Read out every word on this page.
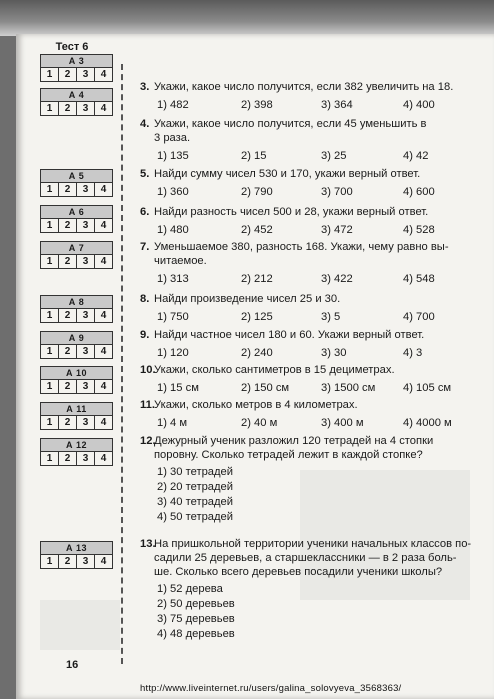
Тест 6
А 3
1	2	3	4
А 4
1	2	3	4
А 5
1	2	3	4
А 6
1	2	3	4
А 7
1	2	3	4
А 8
1	2	3	4
А 9
1	2	3	4
А 10
1	2	3	4
А 11
1	2	3	4
А 12
1	2	3	4
А 13
1	2	3	4
3. Укажи, какое число получится, если 382 увеличить на 18.
1) 482	2) 398	3) 364	4) 400
4. Укажи, какое число получится, если 45 уменьшить в
3 раза.
1) 135	2) 15	3) 25	4) 42
5. Найди сумму чисел 530 и 170, укажи верный ответ.
1) 360	2) 790	3) 700	4) 600
6. Найди разность чисел 500 и 28, укажи верный ответ.
1) 480	2) 452	3) 472	4) 528
7. Уменьшаемое 380, разность 168. Укажи, чему равно вы-
читаемое.
1) 313	2) 212	3) 422	4) 548
8. Найди произведение чисел 25 и 30.
1) 750	2) 125	3) 5	4) 700
9. Найди частное чисел 180 и 60. Укажи верный ответ.
1) 120	2) 240	3) 30	4) 3
10.
Укажи, сколько сантиметров в 15 дециметрах.
1) 15 см	2) 150 см	3) 1500 см 4) 105 см
11. Укажи, сколько метров в 4 километрах.
1) 4 м	2) 40 м	3) 400 м	4) 4000 м
12.
Дежурный ученик разложил 120 тетрадей на 4 стопки
поровну. Сколько тетрадей лежит в каждой стопке?
1) 30 тетрадей
2) 20 тетрадей
3) 40 тетрадей
4) 50 тетрадей
13.
На пришкольной территории ученики начальных классов по-
садили 25 деревьев, а старшеклассники — в 2 раза боль-
ше. Сколько всего деревьев посадили ученики школы?
1) 52 дерева
2) 50 деревьев
3) 75 деревьев
4) 48 деревьев
16
http://www.liveinternet.ru/users/galina_solovyeva_3568363/
